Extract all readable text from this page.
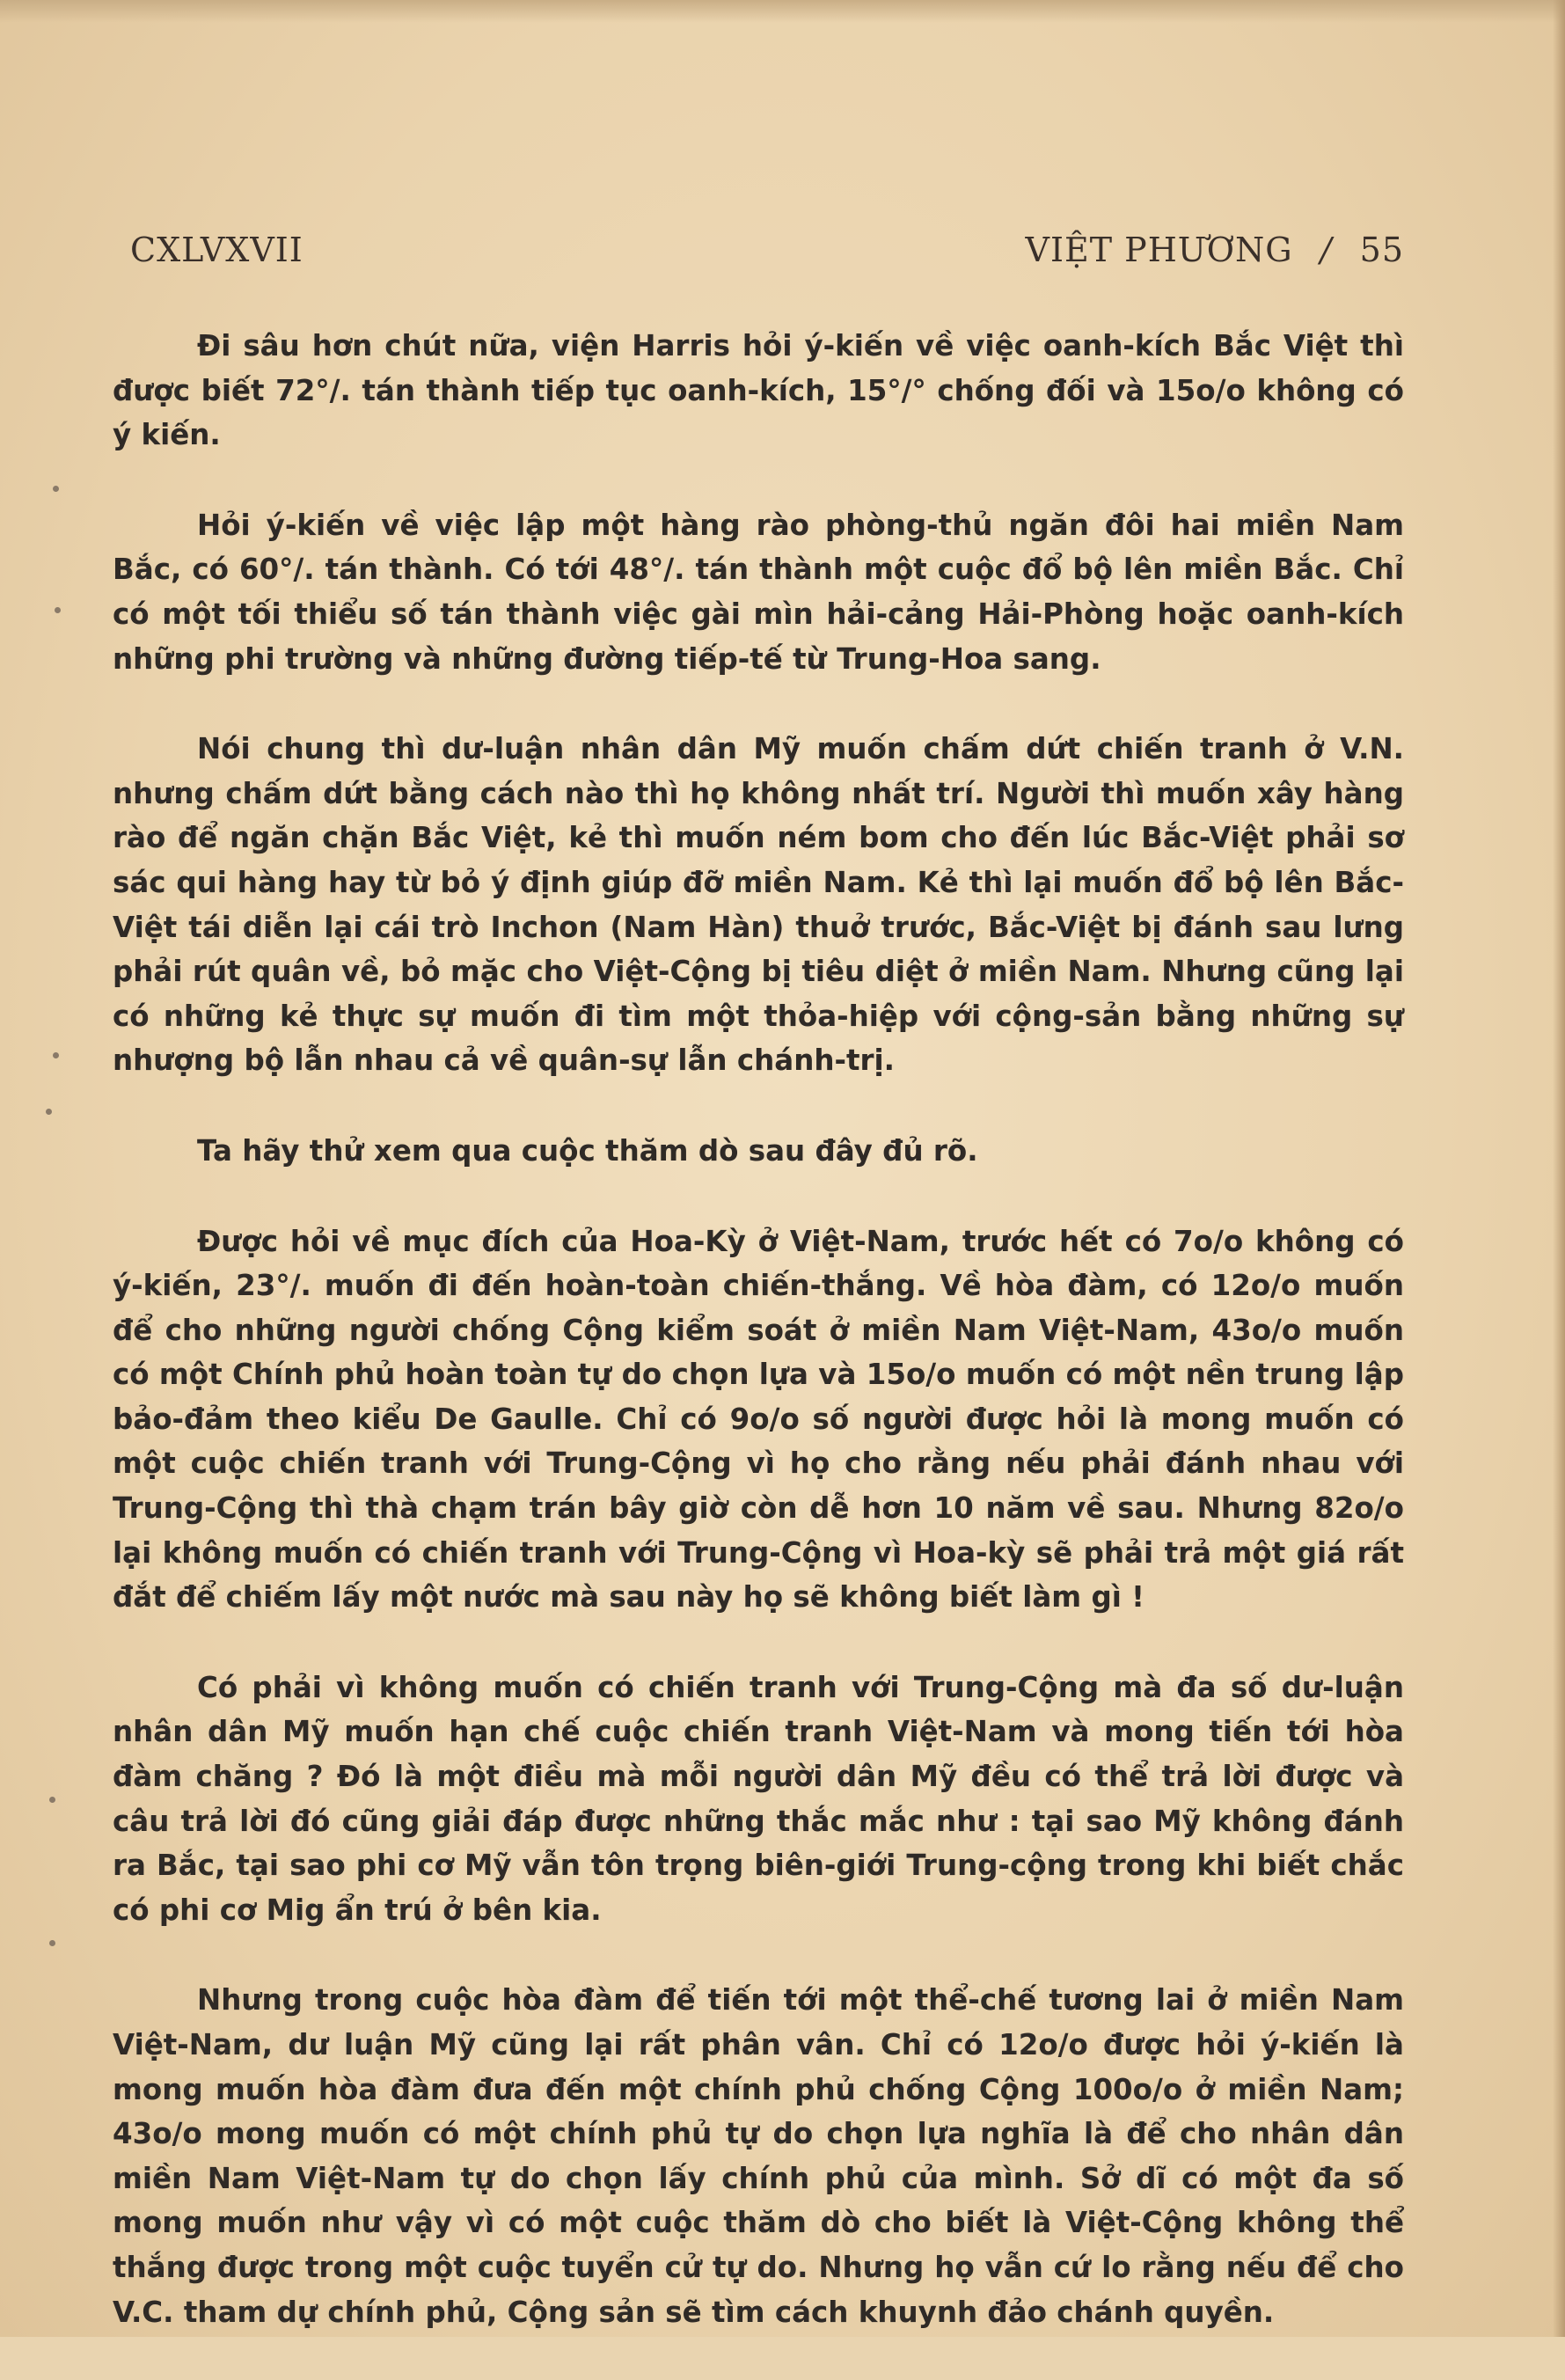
CXLVXVII	VIỆT PHƯƠNG / 55

Đi sâu hơn chút nữa, viện Harris hỏi ý-kiến về việc oanh-kích Bắc Việt thì được biết 72°/. tán thành tiếp tục oanh-kích, 15°/° chống đối và 15o/o không có ý kiến.

Hỏi ý-kiến về việc lập một hàng rào phòng-thủ ngăn đôi hai miền Nam Bắc, có 60°/. tán thành. Có tới 48°/. tán thành một cuộc đổ bộ lên miền Bắc. Chỉ có một tối thiểu số tán thành việc gài mìn hải-cảng Hải-Phòng hoặc oanh-kích những phi trường và những đường tiếp-tế từ Trung-Hoa sang.

Nói chung thì dư-luận nhân dân Mỹ muốn chấm dứt chiến tranh ở V.N. nhưng chấm dứt bằng cách nào thì họ không nhất trí. Người thì muốn xây hàng rào để ngăn chặn Bắc Việt, kẻ thì muốn ném bom cho đến lúc Bắc-Việt phải sơ sác qui hàng hay từ bỏ ý định giúp đỡ miền Nam. Kẻ thì lại muốn đổ bộ lên Bắc-Việt tái diễn lại cái trò Inchon (Nam Hàn) thuở trước, Bắc-Việt bị đánh sau lưng phải rút quân về, bỏ mặc cho Việt-Cộng bị tiêu diệt ở miền Nam. Nhưng cũng lại có những kẻ thực sự muốn đi tìm một thỏa-hiệp với cộng-sản bằng những sự nhượng bộ lẫn nhau cả về quân-sự lẫn chánh-trị.

Ta hãy thử xem qua cuộc thăm dò sau đây đủ rõ.

Được hỏi về mục đích của Hoa-Kỳ ở Việt-Nam, trước hết có 7o/o không có ý-kiến, 23°/. muốn đi đến hoàn-toàn chiến-thắng. Về hòa đàm, có 12o/o muốn để cho những người chống Cộng kiểm soát ở miền Nam Việt-Nam, 43o/o muốn có một Chính phủ hoàn toàn tự do chọn lựa và 15o/o muốn có một nền trung lập bảo-đảm theo kiểu De Gaulle. Chỉ có 9o/o số người được hỏi là mong muốn có một cuộc chiến tranh với Trung-Cộng vì họ cho rằng nếu phải đánh nhau với Trung-Cộng thì thà chạm trán bây giờ còn dễ hơn 10 năm về sau. Nhưng 82o/o lại không muốn có chiến tranh với Trung-Cộng vì Hoa-kỳ sẽ phải trả một giá rất đắt để chiếm lấy một nước mà sau này họ sẽ không biết làm gì !

Có phải vì không muốn có chiến tranh với Trung-Cộng mà đa số dư-luận nhân dân Mỹ muốn hạn chế cuộc chiến tranh Việt-Nam và mong tiến tới hòa đàm chăng ? Đó là một điều mà mỗi người dân Mỹ đều có thể trả lời được và câu trả lời đó cũng giải đáp được những thắc mắc như : tại sao Mỹ không đánh ra Bắc, tại sao phi cơ Mỹ vẫn tôn trọng biên-giới Trung-cộng trong khi biết chắc có phi cơ Mig ẩn trú ở bên kia.

Nhưng trong cuộc hòa đàm để tiến tới một thể-chế tương lai ở miền Nam Việt-Nam, dư luận Mỹ cũng lại rất phân vân. Chỉ có 12o/o được hỏi ý-kiến là mong muốn hòa đàm đưa đến một chính phủ chống Cộng 100o/o ở miền Nam; 43o/o mong muốn có một chính phủ tự do chọn lựa nghĩa là để cho nhân dân miền Nam Việt-Nam tự do chọn lấy chính phủ của mình. Sở dĩ có một đa số mong muốn như vậy vì có một cuộc thăm dò cho biết là Việt-Cộng không thể thắng được trong một cuộc tuyển cử tự do. Nhưng họ vẫn cứ lo rằng nếu để cho V.C. tham dự chính phủ, Cộng sản sẽ tìm cách khuynh đảo chánh quyền.
